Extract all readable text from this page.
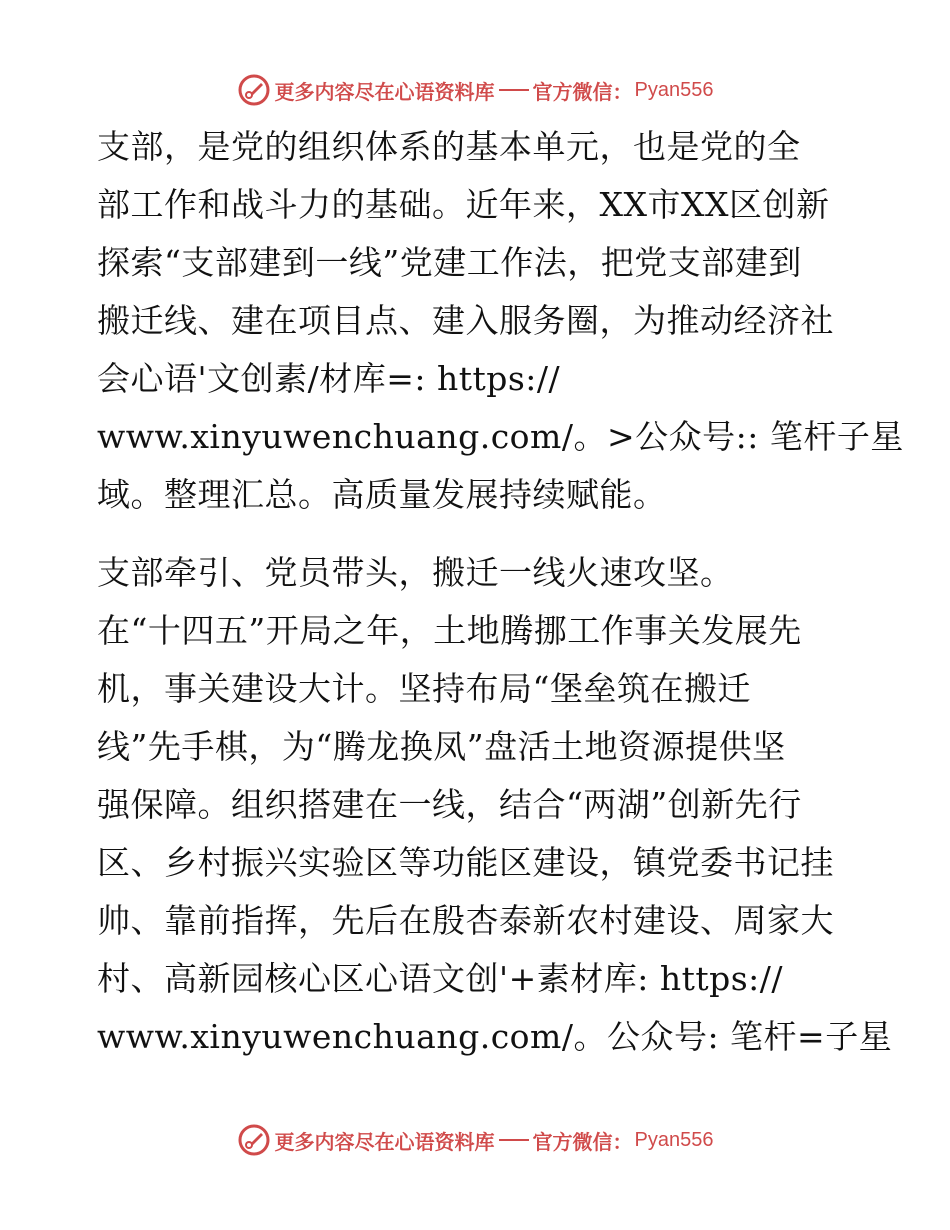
更多内容尽在心语资料库 官方微信： Pyan556
支部，是党的组织体系的基本单元，也是党的全
部工作和战斗力的基础。近年来，XX市XX区创新
探索“支部建到一线”党建工作法，把党支部建到
搬迁线、建在项目点、建入服务圈，为推动经济社
会心语'文创素/材库=: https://
www.xinyuwenchuang.com/。>公众号:: 笔杆子星
域。整理汇总。高质量发展持续赋能。
支部牵引、党员带头，搬迁一线火速攻坚。
在“十四五”开局之年，土地腾挪工作事关发展先
机，事关建设大计。坚持布局“堡垒筑在搬迁
线”先手棋，为“腾龙换凤”盘活土地资源提供坚
强保障。组织搭建在一线，结合“两湖”创新先行
区、乡村振兴实验区等功能区建设，镇党委书记挂
帅、靠前指挥，先后在殷杏泰新农村建设、周家大
村、高新园核心区心语文创'+素材库: https://
www.xinyuwenchuang.com/。公众号: 笔杆=子星
更多内容尽在心语资料库 官方微信： Pyan556
